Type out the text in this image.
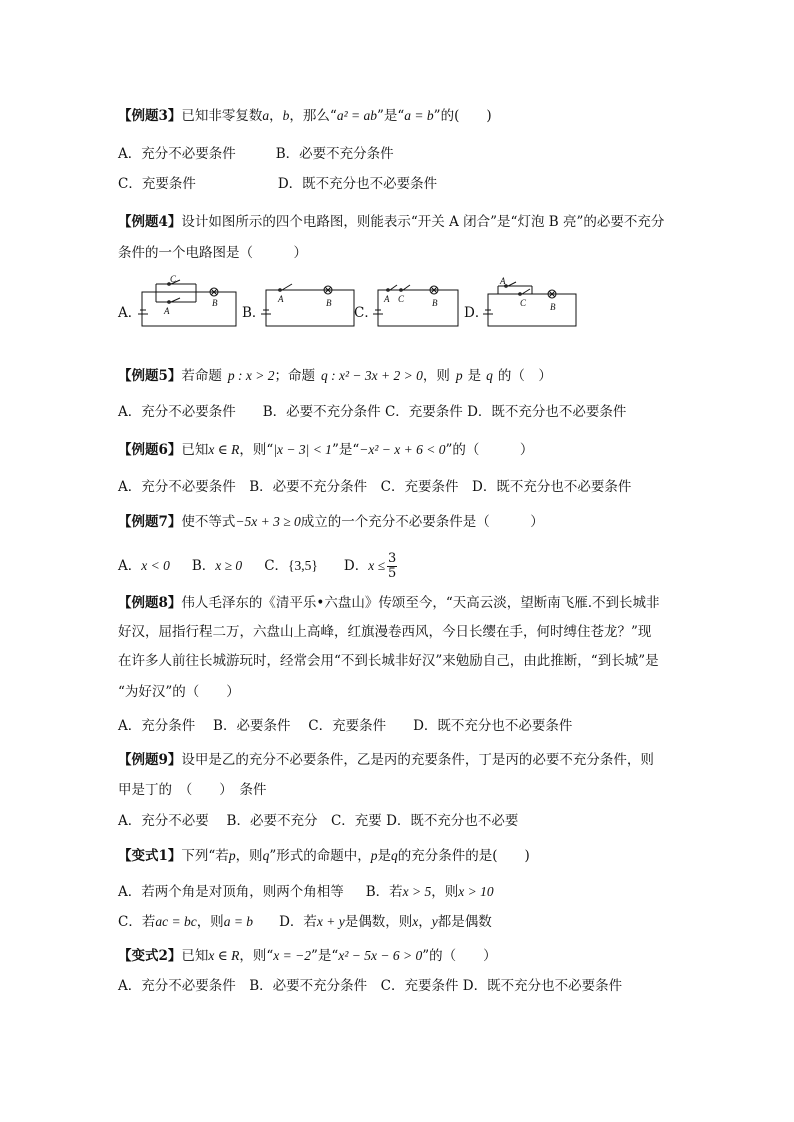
【例题3】已知非零复数a，b，那么“a² = ab”是“a = b”的(　　)
A．充分不必要条件	B．必要不充分条件
C．充要条件	D．既不充分也不必要条件
【例题4】设计如图所示的四个电路图，则能表示“开关 A 闭合”是“灯泡 B 亮”的必要不充分
条件的一个电路图是（　　　）
A．	A
C
B
B．
A	B
C．
A C	B
D．
A
C	B
【例题5】若命题 p : x > 2；命题 q : x² − 3x + 2 > 0，则 p 是 q 的（　）
A．充分不必要条件　　B．必要不充分条件 C．充要条件 D．既不充分也不必要条件
【例题6】已知x ∈ R，则“|x − 3| < 1”是“−x² − x + 6 < 0”的（　　　）
A．充分不必要条件　B．必要不充分条件　C．充要条件　D．既不充分也不必要条件
【例题7】使不等式−5x + 3 ≥ 0成立的一个充分不必要条件是（　　　）
A．x < 0 B．x ≥ 0 C．{3,5} D．$x \le \frac{3}{5}$
【例题8】伟人毛泽东的《清平乐•六盘山》传颂至今，“天高云淡，望断南飞雁.不到长城非
好汉，屈指行程二万，六盘山上高峰，红旗漫卷西风，今日长缨在手，何时缚住苍龙？”现
在许多人前往长城游玩时，经常会用“不到长城非好汉”来勉励自己，由此推断，“到长城”是
“为好汉”的（　　）
A．充分条件　 B．必要条件　 C．充要条件　　D．既不充分也不必要条件
【例题9】设甲是乙的充分不必要条件，乙是丙的充要条件，丁是丙的必要不充分条件，则
甲是丁的　（　　）　条件
A．充分不必要　 B．必要不充分　C．充要 D．既不充分也不必要
【变式1】下列“若p，则q”形式的命题中，p是q的充分条件的是(　　)
A．若两个角是对顶角，则两个角相等 B．若x > 5，则x > 10
C．若ac = bc，则a = b D．若x + y是偶数，则x，y都是偶数
【变式2】已知x ∈ R，则“x = −2”是“x² − 5x − 6 > 0”的（　　）
A．充分不必要条件　B．必要不充分条件　C．充要条件 D．既不充分也不必要条件
